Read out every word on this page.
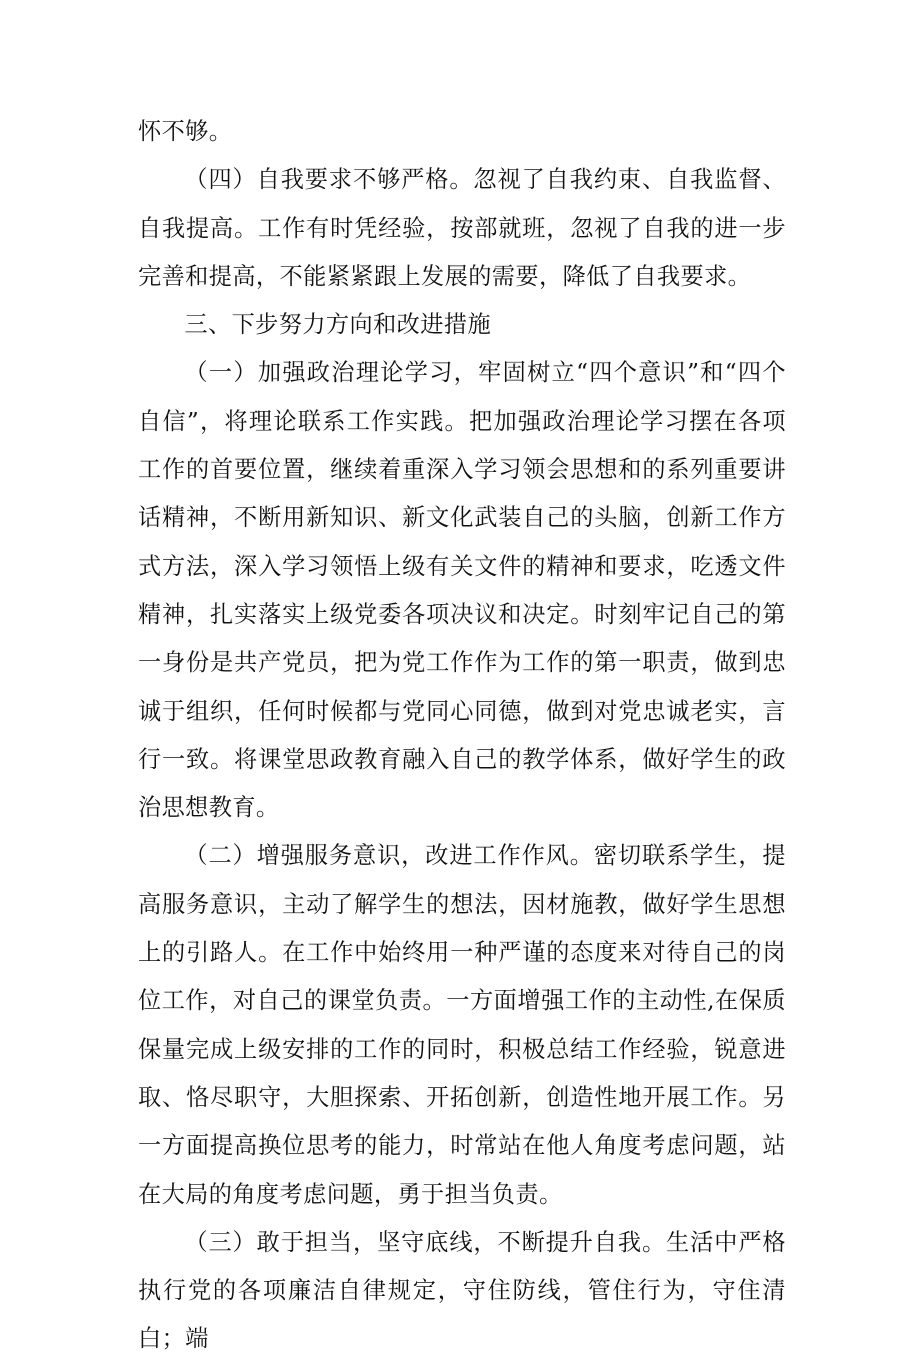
怀不够。

（四）自我要求不够严格。忽视了自我约束、自我监督、自我提高。工作有时凭经验，按部就班，忽视了自我的进一步完善和提高，不能紧紧跟上发展的需要，降低了自我要求。

三、下步努力方向和改进措施

（一）加强政治理论学习，牢固树立“四个意识”和“四个自信”，将理论联系工作实践。把加强政治理论学习摆在各项工作的首要位置，继续着重深入学习领会思想和的系列重要讲话精神，不断用新知识、新文化武装自己的头脑，创新工作方式方法，深入学习领悟上级有关文件的精神和要求，吃透文件精神，扎实落实上级党委各项决议和决定。时刻牢记自己的第一身份是共产党员，把为党工作作为工作的第一职责，做到忠诚于组织，任何时候都与党同心同德，做到对党忠诚老实，言行一致。将课堂思政教育融入自己的教学体系，做好学生的政治思想教育。

（二）增强服务意识，改进工作作风。密切联系学生，提高服务意识，主动了解学生的想法，因材施教，做好学生思想上的引路人。在工作中始终用一种严谨的态度来对待自己的岗位工作，对自己的课堂负责。一方面增强工作的主动性,在保质保量完成上级安排的工作的同时，积极总结工作经验，锐意进取、恪尽职守，大胆探索、开拓创新，创造性地开展工作。另一方面提高换位思考的能力，时常站在他人角度考虑问题，站在大局的角度考虑问题，勇于担当负责。

（三）敢于担当，坚守底线，不断提升自我。生活中严格执行党的各项廉洁自律规定，守住防线，管住行为，守住清白；端
